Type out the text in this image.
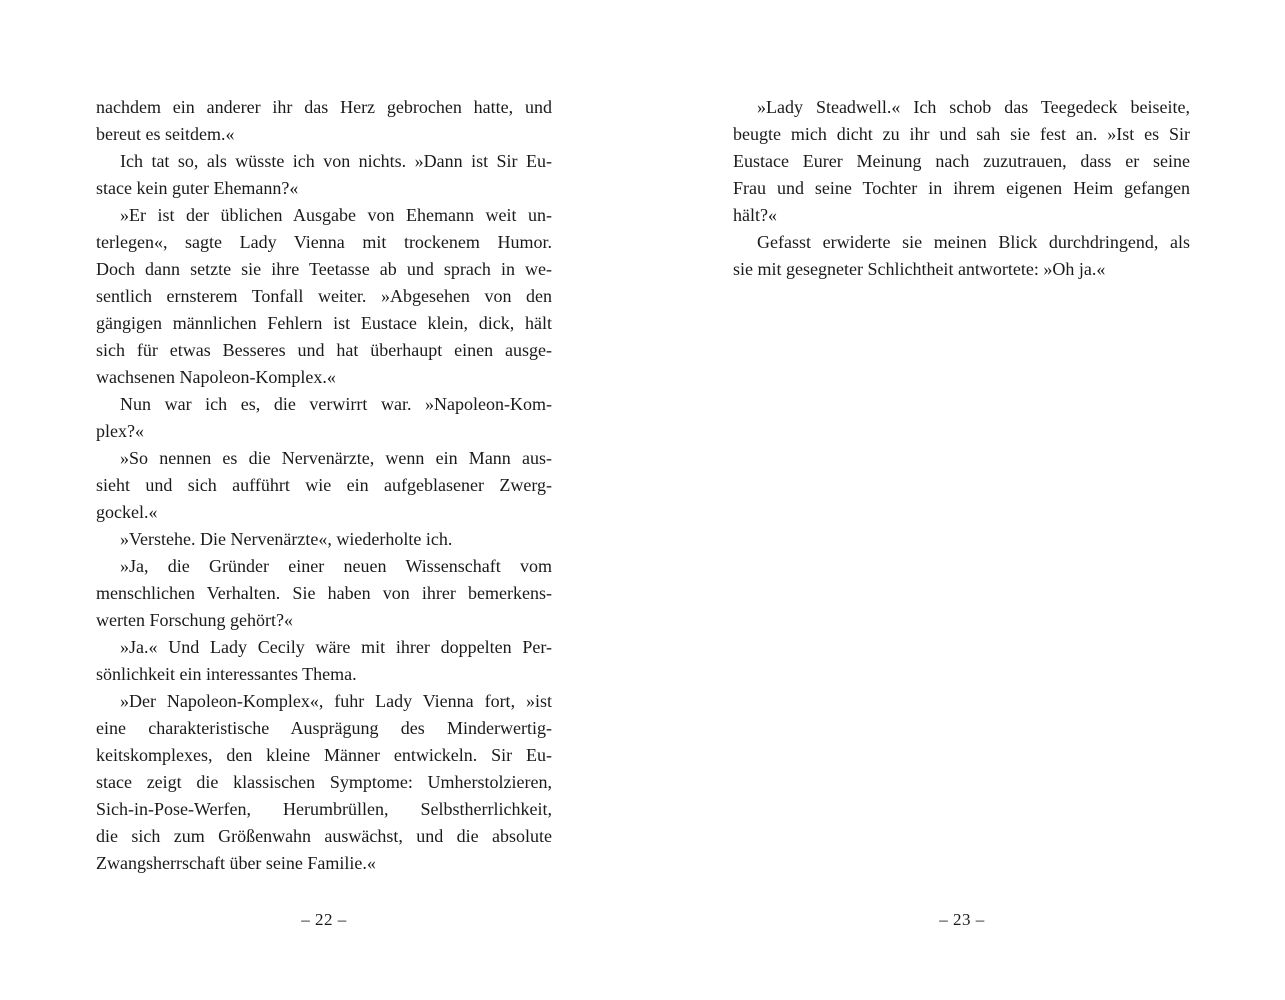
nachdem ein anderer ihr das Herz gebrochen hatte, und
bereut es seitdem.«
Ich tat so, als wüsste ich von nichts. »Dann ist Sir Eu-
stace kein guter Ehemann?«
»Er ist der üblichen Ausgabe von Ehemann weit un-
terlegen«, sagte Lady Vienna mit trockenem Humor.
Doch dann setzte sie ihre Teetasse ab und sprach in we-
sentlich ernsterem Tonfall weiter. »Abgesehen von den
gängigen männlichen Fehlern ist Eustace klein, dick, hält
sich für etwas Besseres und hat überhaupt einen ausge-
wachsenen Napoleon-Komplex.«
Nun war ich es, die verwirrt war. »Napoleon-Kom-
plex?«
»So nennen es die Nervenärzte, wenn ein Mann aus-
sieht und sich aufführt wie ein aufgeblasener Zwerg-
gockel.«
»Verstehe. Die Nervenärzte«, wiederholte ich.
»Ja, die Gründer einer neuen Wissenschaft vom
menschlichen Verhalten. Sie haben von ihrer bemerkens-
werten Forschung gehört?«
»Ja.« Und Lady Cecily wäre mit ihrer doppelten Per-
sönlichkeit ein interessantes Thema.
»Der Napoleon-Komplex«, fuhr Lady Vienna fort, »ist
eine charakteristische Ausprägung des Minderwertig-
keitskomplexes, den kleine Männer entwickeln. Sir Eu-
stace zeigt die klassischen Symptome: Umherstolzieren,
Sich-in-Pose-Werfen, Herumbrüllen, Selbstherrlichkeit,
die sich zum Größenwahn auswächst, und die absolute
Zwangsherrschaft über seine Familie.«
– 22 –
»Lady Steadwell.« Ich schob das Teegedeck beiseite,
beugte mich dicht zu ihr und sah sie fest an. »Ist es Sir
Eustace Eurer Meinung nach zuzutrauen, dass er seine
Frau und seine Tochter in ihrem eigenen Heim gefangen
hält?«
Gefasst erwiderte sie meinen Blick durchdringend, als
sie mit gesegneter Schlichtheit antwortete: »Oh ja.«
– 23 –
